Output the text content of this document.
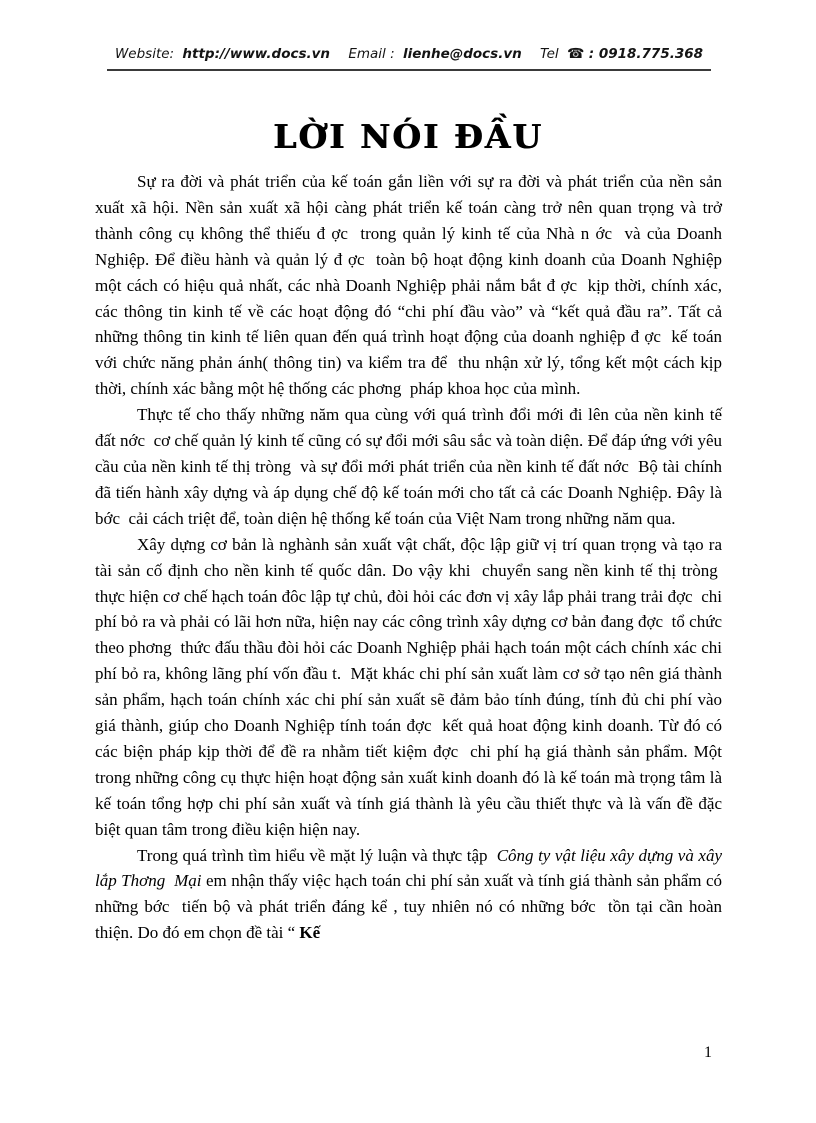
Website: http://www.docs.vn Email : lienhe@docs.vn Tel ☎ : 0918.775.368
LỜI NÓI ĐẦU

Sự ra đời và phát triển của kế toán gắn liền với sự ra đời và phát triển của nền sản xuất xã hội. Nền sản xuất xã hội càng phát triển kế toán càng trở nên quan trọng và trở thành công cụ không thể thiếu đ ợc  trong quản lý kinh tế của Nhà n ớc  và của Doanh Nghiệp. Để điều hành và quản lý đ ợc  toàn bộ hoạt động kinh doanh của Doanh Nghiệp một cách có hiệu quả nhất, các nhà Doanh Nghiệp phải nắm bắt đ ợc  kịp thời, chính xác, các thông tin kinh tế về các hoạt động đó “chi phí đầu vào” và “kết quả đầu ra”. Tất cả những thông tin kinh tế liên quan đến quá trình hoạt động của doanh nghiệp đ ợc  kế toán với chức năng phản ánh( thông tin) va kiểm tra để  thu nhận xử lý, tổng kết một cách kịp thời, chính xác bằng một hệ thống các phơng  pháp khoa học của mình.

Thực tế cho thấy những năm qua cùng với quá trình đổi mới đi lên của nền kinh tế đất nớc  cơ chế quản lý kinh tế cũng có sự đổi mới sâu sắc và toàn diện. Để đáp ứng với yêu cầu của nền kinh tế thị tròng  và sự đổi mới phát triển của nền kinh tế đất nớc  Bộ tài chính đã tiến hành xây dựng và áp dụng chế độ kế toán mới cho tất cả các Doanh Nghiệp. Đây là bớc  cải cách triệt để, toàn diện hệ thống kế toán của Việt Nam trong những năm qua.

Xây dựng cơ bản là nghành sản xuất vật chất, độc lập giữ vị trí quan trọng và tạo ra tài sản cố định cho nền kinh tế quốc dân. Do vậy khi  chuyển sang nền kinh tế thị tròng  thực hiện cơ chế hạch toán đôc lập tự chủ, đòi hỏi các đơn vị xây lắp phải trang trải đợc  chi phí bỏ ra và phải có lãi hơn nữa, hiện nay các công trình xây dựng cơ bản đang đợc  tổ chức theo phơng  thức đấu thầu đòi hỏi các Doanh Nghiệp phải hạch toán một cách chính xác chi phí bỏ ra, không lãng phí vốn đầu t.  Mặt khác chi phí sản xuất làm cơ sở tạo nên giá thành sản phẩm, hạch toán chính xác chi phí sản xuất sẽ đảm bảo tính đúng, tính đủ chi phí vào giá thành, giúp cho Doanh Nghiệp tính toán đợc  kết quả hoat động kinh doanh. Từ đó có các biện pháp kịp thời để đề ra nhằm tiết kiệm đợc  chi phí hạ giá thành sản phẩm. Một trong những công cụ thực hiện hoạt động sản xuất kinh doanh đó là kế toán mà trọng tâm là kế toán tổng hợp chi phí sản xuất và tính giá thành là yêu cầu thiết thực và là vấn đề đặc biệt quan tâm trong điều kiện hiện nay.

Trong quá trình tìm hiểu về mặt lý luận và thực tập  Công ty vật liệu xây dựng và xây lắp Thơng  Mại em nhận thấy việc hạch toán chi phí sản xuất và tính giá thành sản phẩm có những bớc  tiến bộ và phát triển đáng kể , tuy nhiên nó có những bớc  tồn tại cần hoàn thiện. Do đó em chọn đề tài “ Kế

1
